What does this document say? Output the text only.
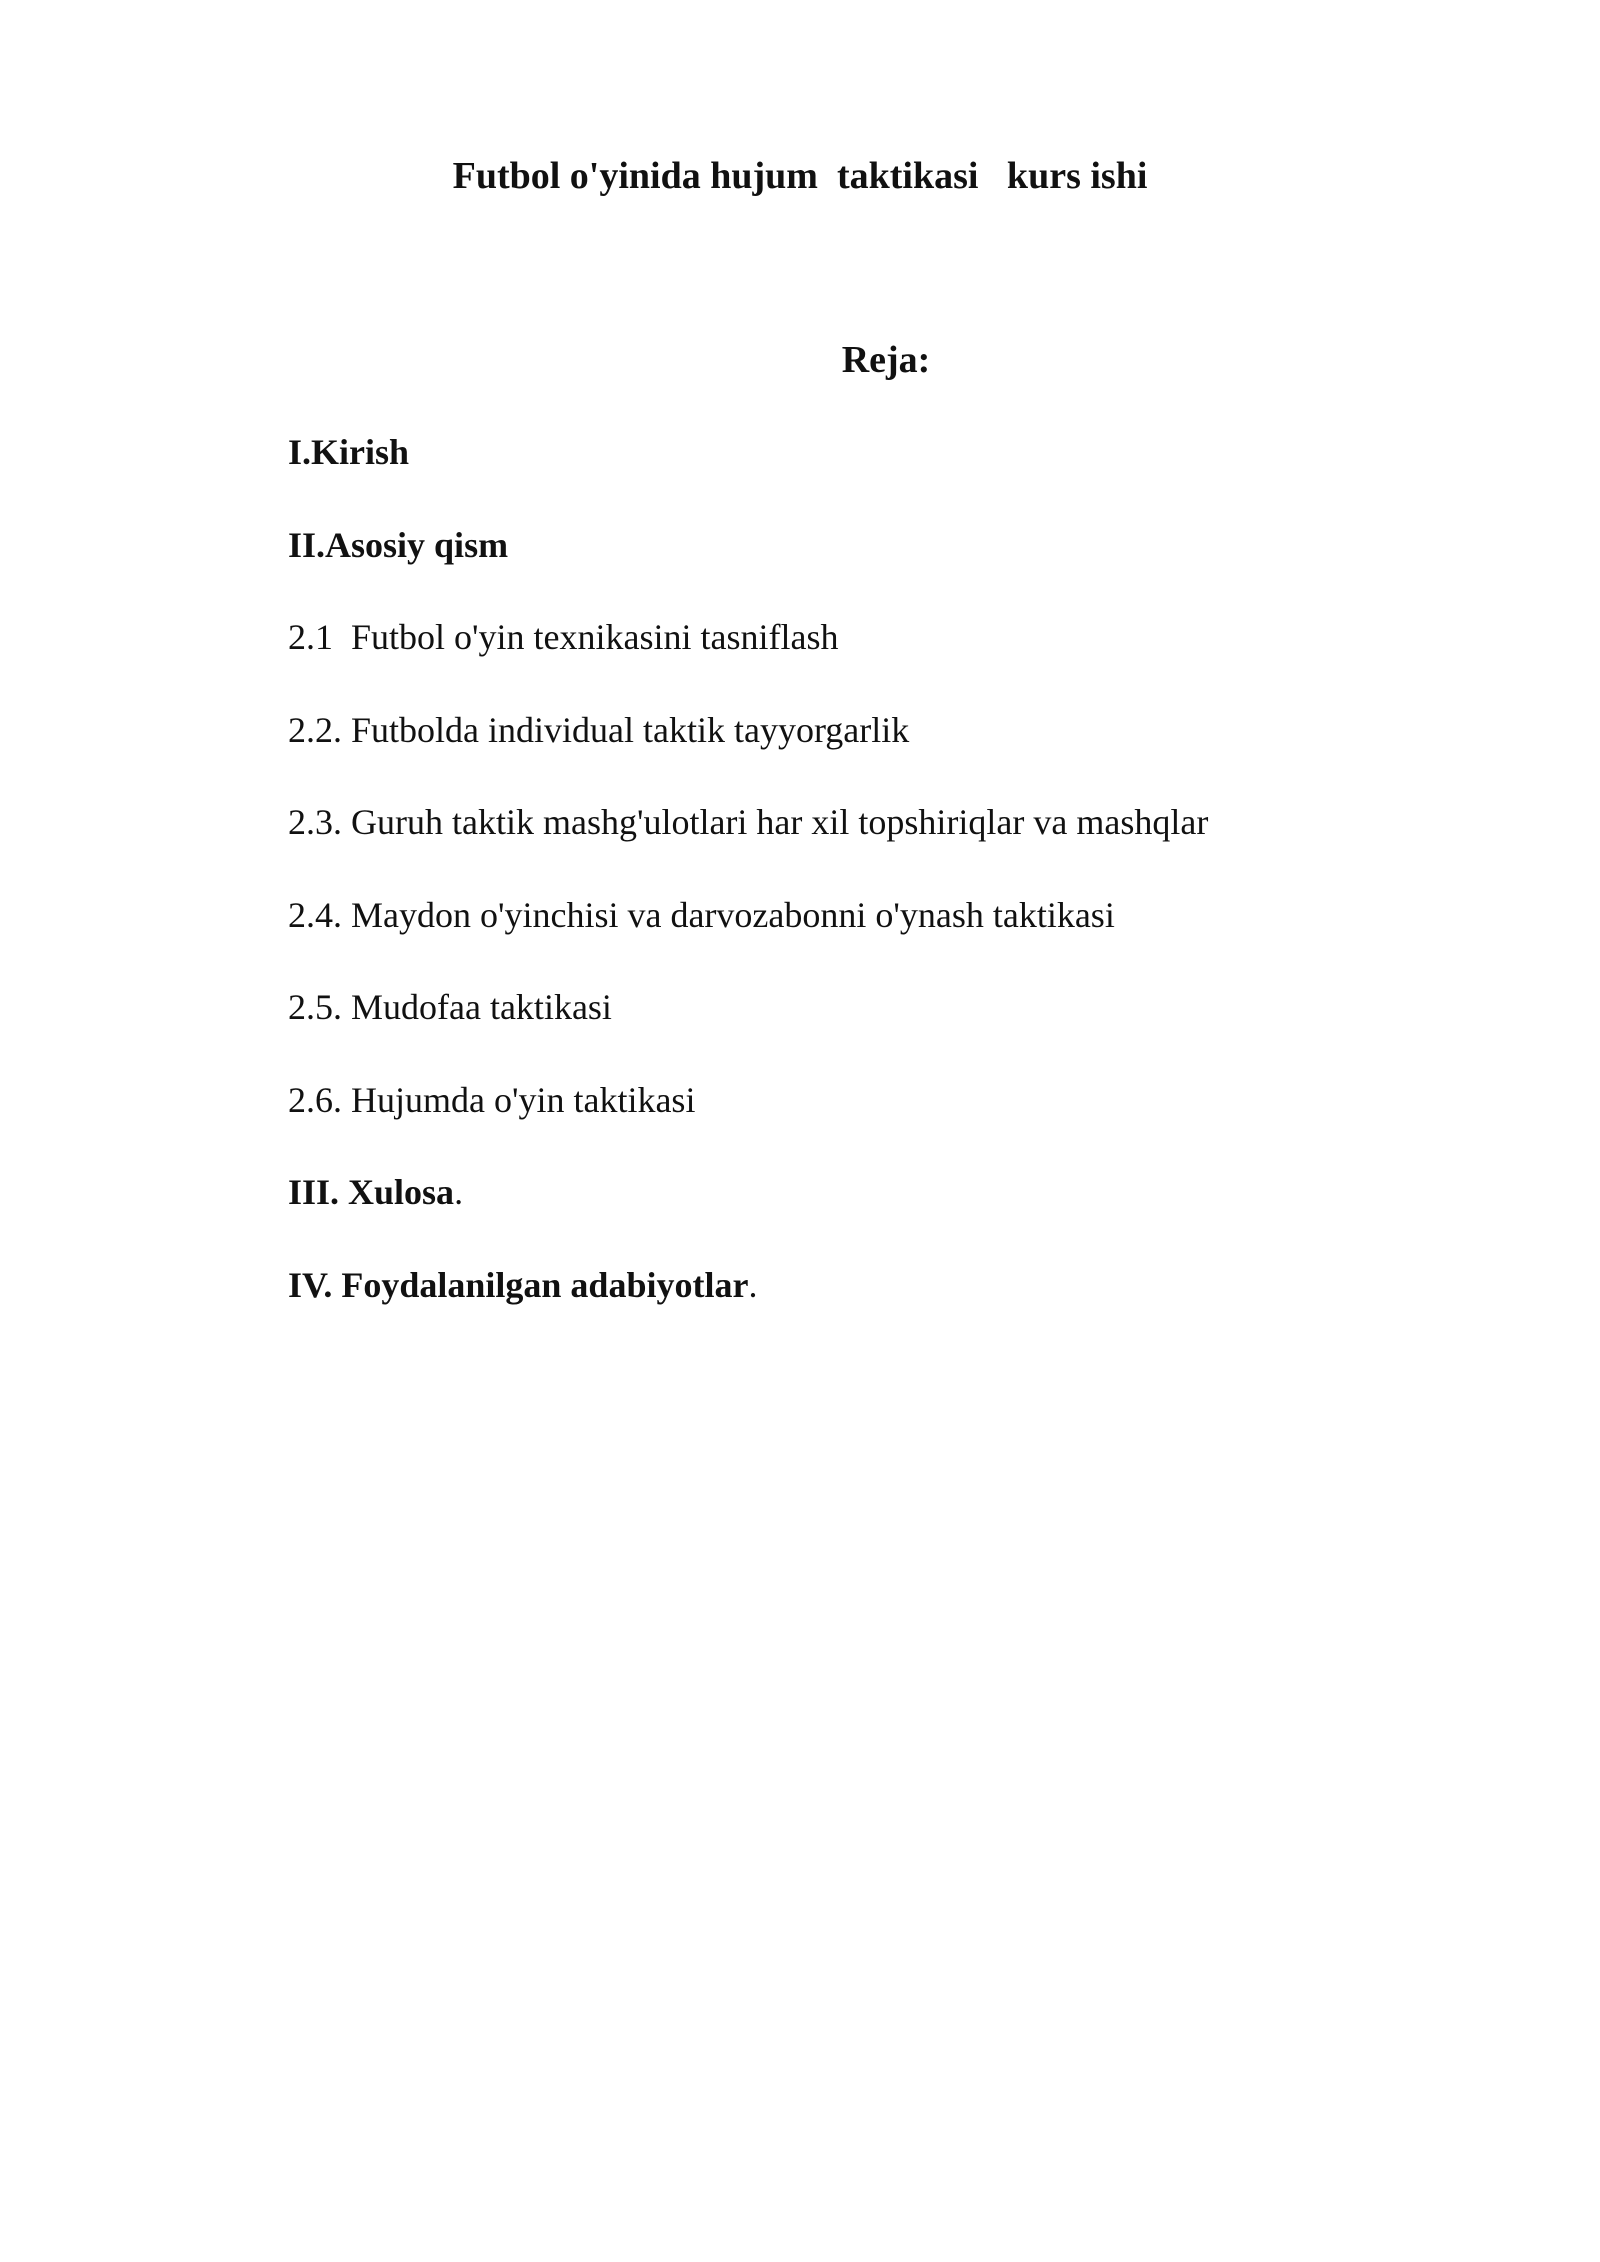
Futbol o'yinida hujum  taktikasi   kurs ishi
Reja:
I.Kirish
II.Asosiy qism
2.1  Futbol o'yin texnikasini tasniflash
2.2. Futbolda individual taktik tayyorgarlik
2.3. Guruh taktik mashg'ulotlari har xil topshiriqlar va mashqlar
2.4. Maydon o'yinchisi va darvozabonni o'ynash taktikasi
2.5. Mudofaa taktikasi
2.6. Hujumda o'yin taktikasi
III. Xulosa.
IV. Foydalanilgan adabiyotlar.
